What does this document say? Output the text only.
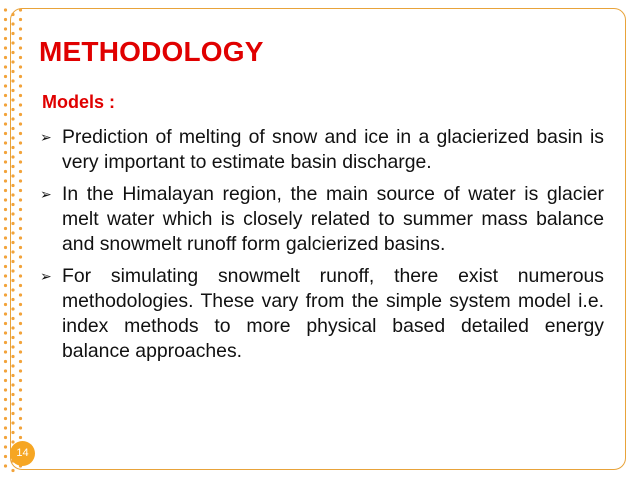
METHODOLOGY
Models :
➢ Prediction of melting of snow and ice in a glacierized basin is very important to estimate basin discharge.
➢ In the Himalayan region, the main source of water is glacier melt water which is closely related to summer mass balance and snowmelt runoff form galcierized basins.
➢ For simulating snowmelt runoff, there exist numerous methodologies. These vary from the simple system model i.e. index methods to more physical based detailed energy balance approaches.
14
